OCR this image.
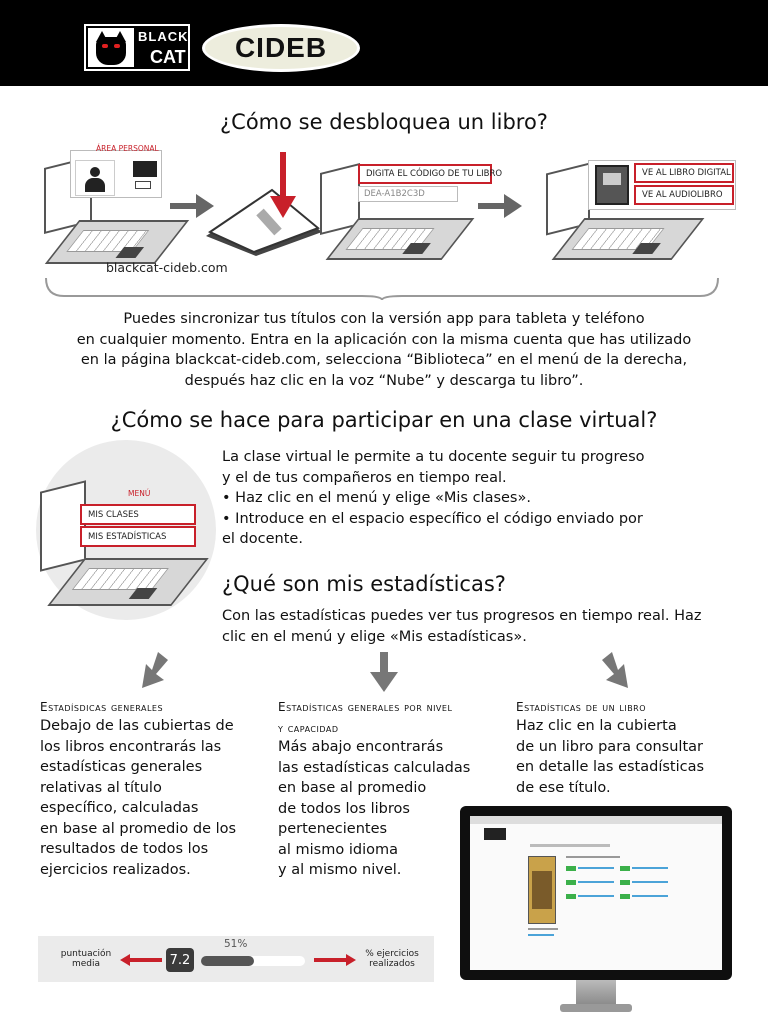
BLACK
CAT CIDEB
¿Cómo se desbloquea un libro?
ÁREA PERSONAL
blackcat-cideb.com
DIGITA EL CÓDIGO DE TU LIBRO
DEA-A1B2C3D
VE AL LIBRO DIGITAL
VE AL AUDIOLIBRO
Puedes sincronizar tus títulos con la versión app para tableta y teléfono
en cualquier momento. Entra en la aplicación con la misma cuenta que has utilizado
en la página blackcat-cideb.com, selecciona “Biblioteca” en el menú de la derecha,
después haz clic en la voz “Nube” y descarga tu libro”.
¿Cómo se hace para participar en una clase virtual?
MENÚ
MIS CLASES
MIS ESTADÍSTICAS
La clase virtual le permite a tu docente seguir tu progreso
y el de tus compañeros en tiempo real.
• Haz clic en el menú y elige «Mis clases».
• Introduce en el espacio específico el código enviado por
el docente.
¿Qué son mis estadísticas?
Con las estadísticas puedes ver tus progresos en tiempo real. Haz
clic en el menú y elige «Mis estadísticas».
Estadísdicas generales
Debajo de las cubiertas de
los libros encontrarás las
estadísticas generales
relativas al título
específico, calculadas
en base al promedio de los
resultados de todos los
ejercicios realizados.
Estadísticas generales por nivel
y capacidad
Más abajo encontrarás
las estadísticas calculadas
en base al promedio
de todos los libros
pertenecientes
al mismo idioma
y al mismo nivel.
Estadísticas de un libro
Haz clic en la cubierta
de un libro para consultar
en detalle las estadísticas
de ese título.
puntuación
media	7.2
51%
% ejercicios
realizados
